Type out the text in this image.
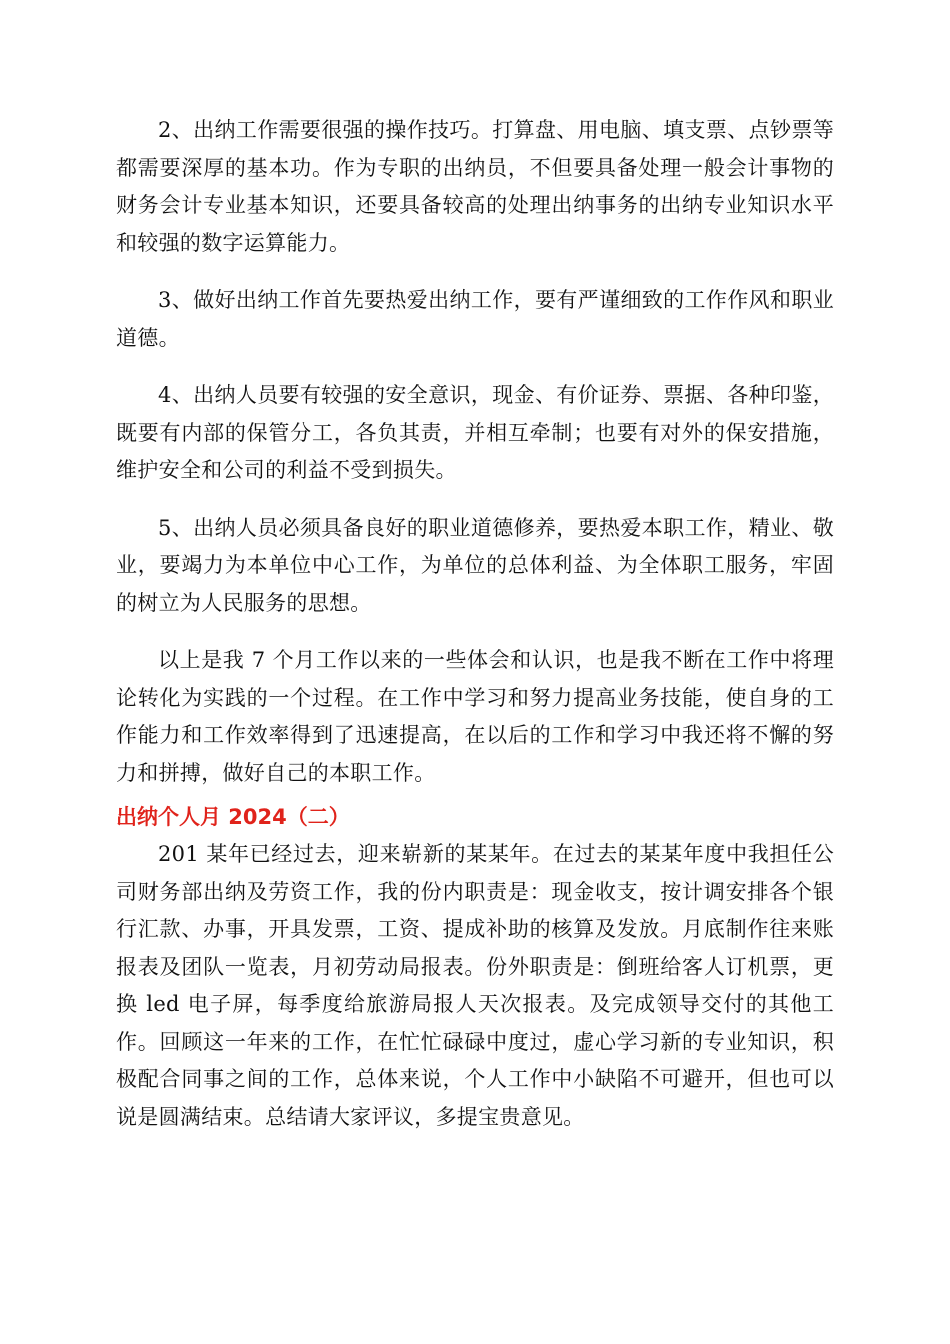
2、出纳工作需要很强的操作技巧。打算盘、用电脑、填支票、点钞票等都需要深厚的基本功。作为专职的出纳员，不但要具备处理一般会计事物的财务会计专业基本知识，还要具备较高的处理出纳事务的出纳专业知识水平和较强的数字运算能力。

3、做好出纳工作首先要热爱出纳工作，要有严谨细致的工作作风和职业道德。

4、出纳人员要有较强的安全意识，现金、有价证券、票据、各种印鉴，既要有内部的保管分工，各负其责，并相互牵制；也要有对外的保安措施，维护安全和公司的利益不受到损失。

5、出纳人员必须具备良好的职业道德修养，要热爱本职工作，精业、敬业，要竭力为本单位中心工作，为单位的总体利益、为全体职工服务，牢固的树立为人民服务的思想。

以上是我 7 个月工作以来的一些体会和认识，也是我不断在工作中将理论转化为实践的一个过程。在工作中学习和努力提高业务技能，使自身的工作能力和工作效率得到了迅速提高，在以后的工作和学习中我还将不懈的努力和拼搏，做好自己的本职工作。

出纳个人月 2024（二）

201 某年已经过去，迎来崭新的某某年。在过去的某某年度中我担任公司财务部出纳及劳资工作，我的份内职责是：现金收支，按计调安排各个银行汇款、办事，开具发票，工资、提成补助的核算及发放。月底制作往来账报表及团队一览表，月初劳动局报表。份外职责是：倒班给客人订机票，更换 led 电子屏，每季度给旅游局报人天次报表。及完成领导交付的其他工作。回顾这一年来的工作，在忙忙碌碌中度过，虚心学习新的专业知识，积极配合同事之间的工作，总体来说，个人工作中小缺陷不可避开，但也可以说是圆满结束。总结请大家评议，多提宝贵意见。
